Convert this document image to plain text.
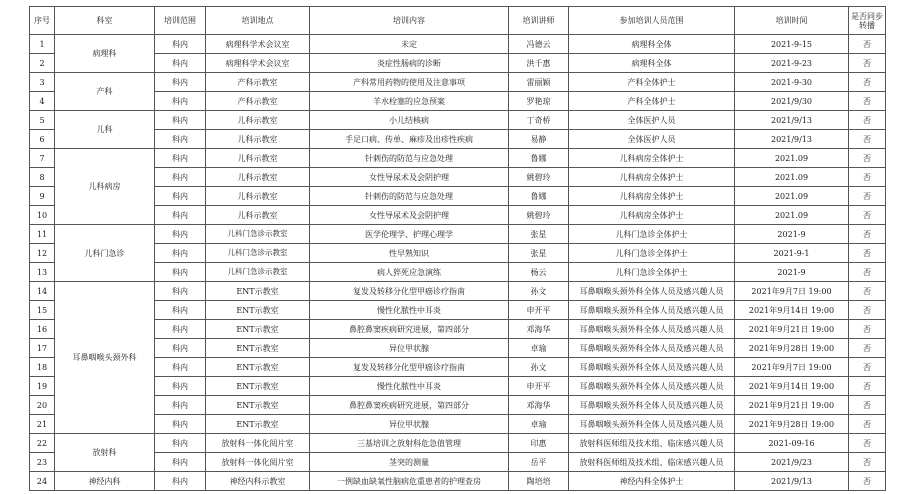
序号	科室	培训范围	培训地点	培训内容	培训讲师	参加培训人员范围	培训时间	是否同步转播
1	病理科	科内	病理科学术会议室	未定	冯德云	病理科全体	2021-9-15	否
2		科内	病理科学术会议室	炎症性肠病的诊断	洪千惠	病理科全体	2021-9-23	否
3	产科	科内	产科示教室	产科常用药物的使用及注意事项	雷丽颖	产科全体护士	2021-9-30	否
4		科内	产科示教室	羊水栓塞的应急预案	罗艳琼	产科全体护士	2021/9/30	否
5	儿科	科内	儿科示教室	小儿结核病	丁奇桥	全体医护人员	2021/9/13	否
6		科内	儿科示教室	手足口病、传单、麻疹及出疹性疾病	易静	全体医护人员	2021/9/13	否
7	儿科病房	科内	儿科示教室	针刺伤的防范与应急处理	鲁娜	儿科病房全体护士	2021.09	否
8		科内	儿科示教室	女性导尿术及会阴护理	姚碧玲	儿科病房全体护士	2021.09	否
9		科内	儿科示教室	针刺伤的防范与应急处理	鲁娜	儿科病房全体护士	2021.09	否
10		科内	儿科示教室	女性导尿术及会阴护理	姚碧玲	儿科病房全体护士	2021.09	否
11	儿科门急诊	科内	儿科门急诊示教室	医学伦理学、护理心理学	张星	儿科门急诊全体护士	2021-9	否
12		科内	儿科门急诊示教室	性早熟知识	张星	儿科门急诊全体护士	2021-9-1	否
13		科内	儿科门急诊示教室	病人猝死应急演练	杨云	儿科门急诊全体护士	2021-9	否
14	耳鼻咽喉头颈外科	科内	ENT示教室	复发及转移分化型甲癌诊疗指南	孙文	耳鼻咽喉头颈外科全体人员及感兴趣人员	2021年9月7日 19:00	否
15		科内	ENT示教室	慢性化脓性中耳炎	申开平	耳鼻咽喉头颈外科全体人员及感兴趣人员	2021年9月14日 19:00	否
16		科内	ENT示教室	鼻腔鼻窦疾病研究进展，第四部分	邓海华	耳鼻咽喉头颈外科全体人员及感兴趣人员	2021年9月21日 19:00	否
17		科内	ENT示教室	异位甲状腺	卓瑜	耳鼻咽喉头颈外科全体人员及感兴趣人员	2021年9月28日 19:00	否
18		科内	ENT示教室	复发及转移分化型甲癌诊疗指南	孙文	耳鼻咽喉头颈外科全体人员及感兴趣人员	2021年9月7日 19:00	否
19		科内	ENT示教室	慢性化脓性中耳炎	申开平	耳鼻咽喉头颈外科全体人员及感兴趣人员	2021年9月14日 19:00	否
20		科内	ENT示教室	鼻腔鼻窦疾病研究进展，第四部分	邓海华	耳鼻咽喉头颈外科全体人员及感兴趣人员	2021年9月21日 19:00	否
21		科内	ENT示教室	异位甲状腺	卓瑜	耳鼻咽喉头颈外科全体人员及感兴趣人员	2021年9月28日 19:00	否
22	放射科	科内	放射科一体化阅片室	三基培训之放射科危急值管理	印惠	放射科医师组及技术组、临床感兴趣人员	2021-09-16	否
23		科内	放射科一体化阅片室	茎突的测量	岳平	放射科医师组及技术组、临床感兴趣人员	2021/9/23	否
24	神经内科	科内	神经内科示教室	一例缺血缺氧性脑病危重患者的护理查房	陶培培	神经内科全体护士	2021/9/13	否
